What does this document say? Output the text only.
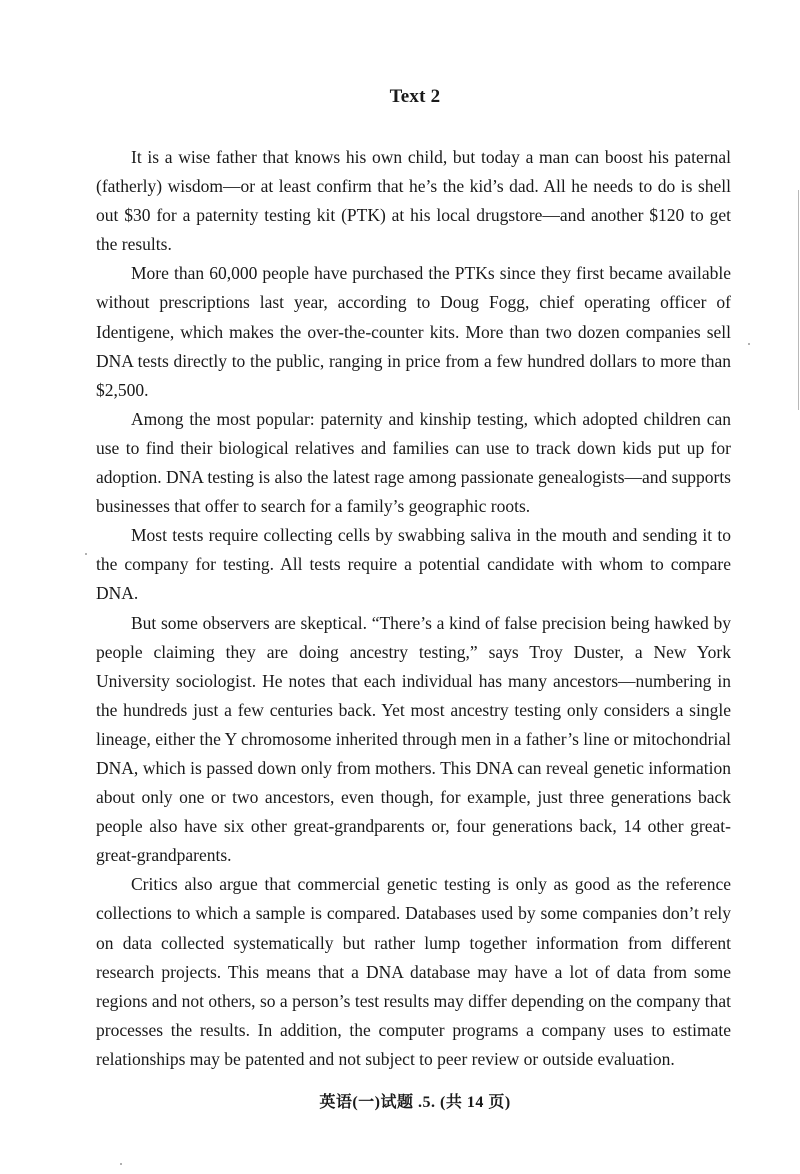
Text 2

It is a wise father that knows his own child, but today a man can boost his paternal (fatherly) wisdom—or at least confirm that he’s the kid’s dad. All he needs to do is shell out $30 for a paternity testing kit (PTK) at his local drugstore—and another $120 to get the results.

More than 60,000 people have purchased the PTKs since they first became available without prescriptions last year, according to Doug Fogg, chief operating officer of Identigene, which makes the over-the-counter kits. More than two dozen companies sell DNA tests directly to the public, ranging in price from a few hundred dollars to more than $2,500.

Among the most popular: paternity and kinship testing, which adopted children can use to find their biological relatives and families can use to track down kids put up for adoption. DNA testing is also the latest rage among passionate genealogists—and supports businesses that offer to search for a family’s geographic roots.

Most tests require collecting cells by swabbing saliva in the mouth and sending it to the company for testing. All tests require a potential candidate with whom to compare DNA.

But some observers are skeptical. “There’s a kind of false precision being hawked by people claiming they are doing ancestry testing,” says Troy Duster, a New York University sociologist. He notes that each individual has many ancestors—numbering in the hundreds just a few centuries back. Yet most ancestry testing only considers a single lineage, either the Y chromosome inherited through men in a father’s line or mitochondrial DNA, which is passed down only from mothers. This DNA can reveal genetic information about only one or two ancestors, even though, for example, just three generations back people also have six other great-grandparents or, four generations back, 14 other great-great-grandparents.

Critics also argue that commercial genetic testing is only as good as the reference collections to which a sample is compared. Databases used by some companies don’t rely on data collected systematically but rather lump together information from different research projects. This means that a DNA database may have a lot of data from some regions and not others, so a person’s test results may differ depending on the company that processes the results. In addition, the computer programs a company uses to estimate relationships may be patented and not subject to peer review or outside evaluation.

英语(一)试题 .5. (共 14 页)
